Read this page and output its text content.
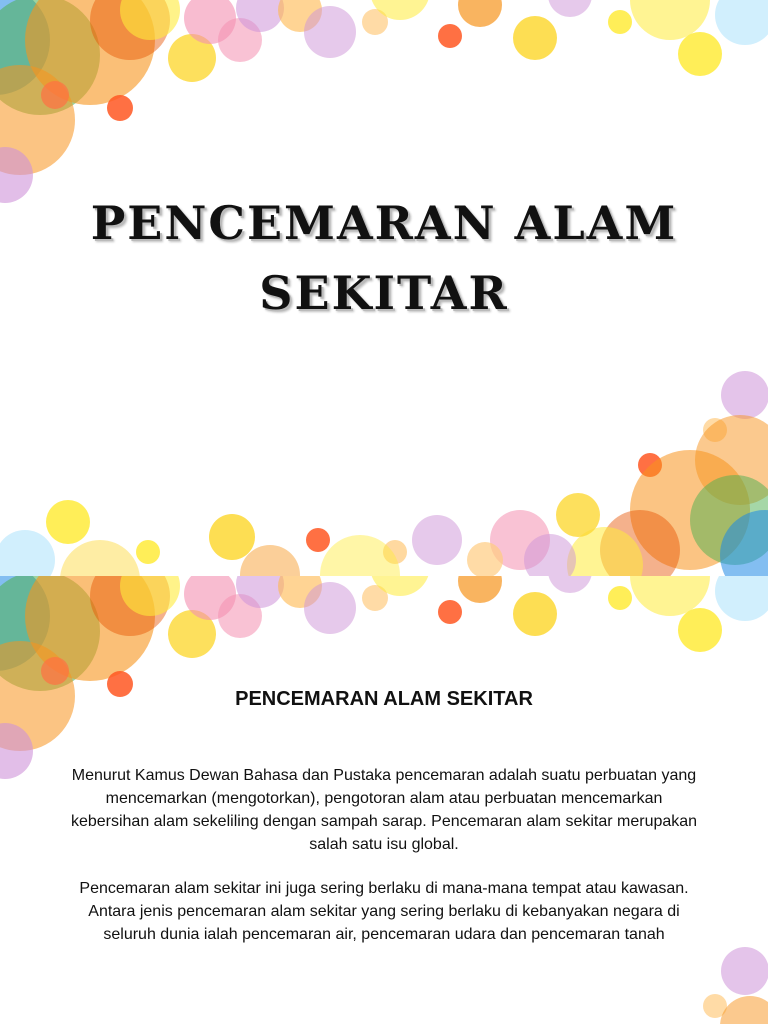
PENCEMARAN ALAM SEKITAR
PENCEMARAN ALAM SEKITAR

Menurut Kamus Dewan Bahasa dan Pustaka pencemaran adalah suatu perbuatan yang mencemarkan (mengotorkan), pengotoran alam atau perbuatan mencemarkan kebersihan alam sekeliling dengan sampah sarap. Pencemaran alam sekitar merupakan salah satu isu global.

Pencemaran alam sekitar ini juga sering berlaku di mana-mana tempat atau kawasan. Antara jenis pencemaran alam sekitar yang sering berlaku di kebanyakan negara di seluruh dunia ialah pencemaran air, pencemaran udara dan pencemaran tanah
